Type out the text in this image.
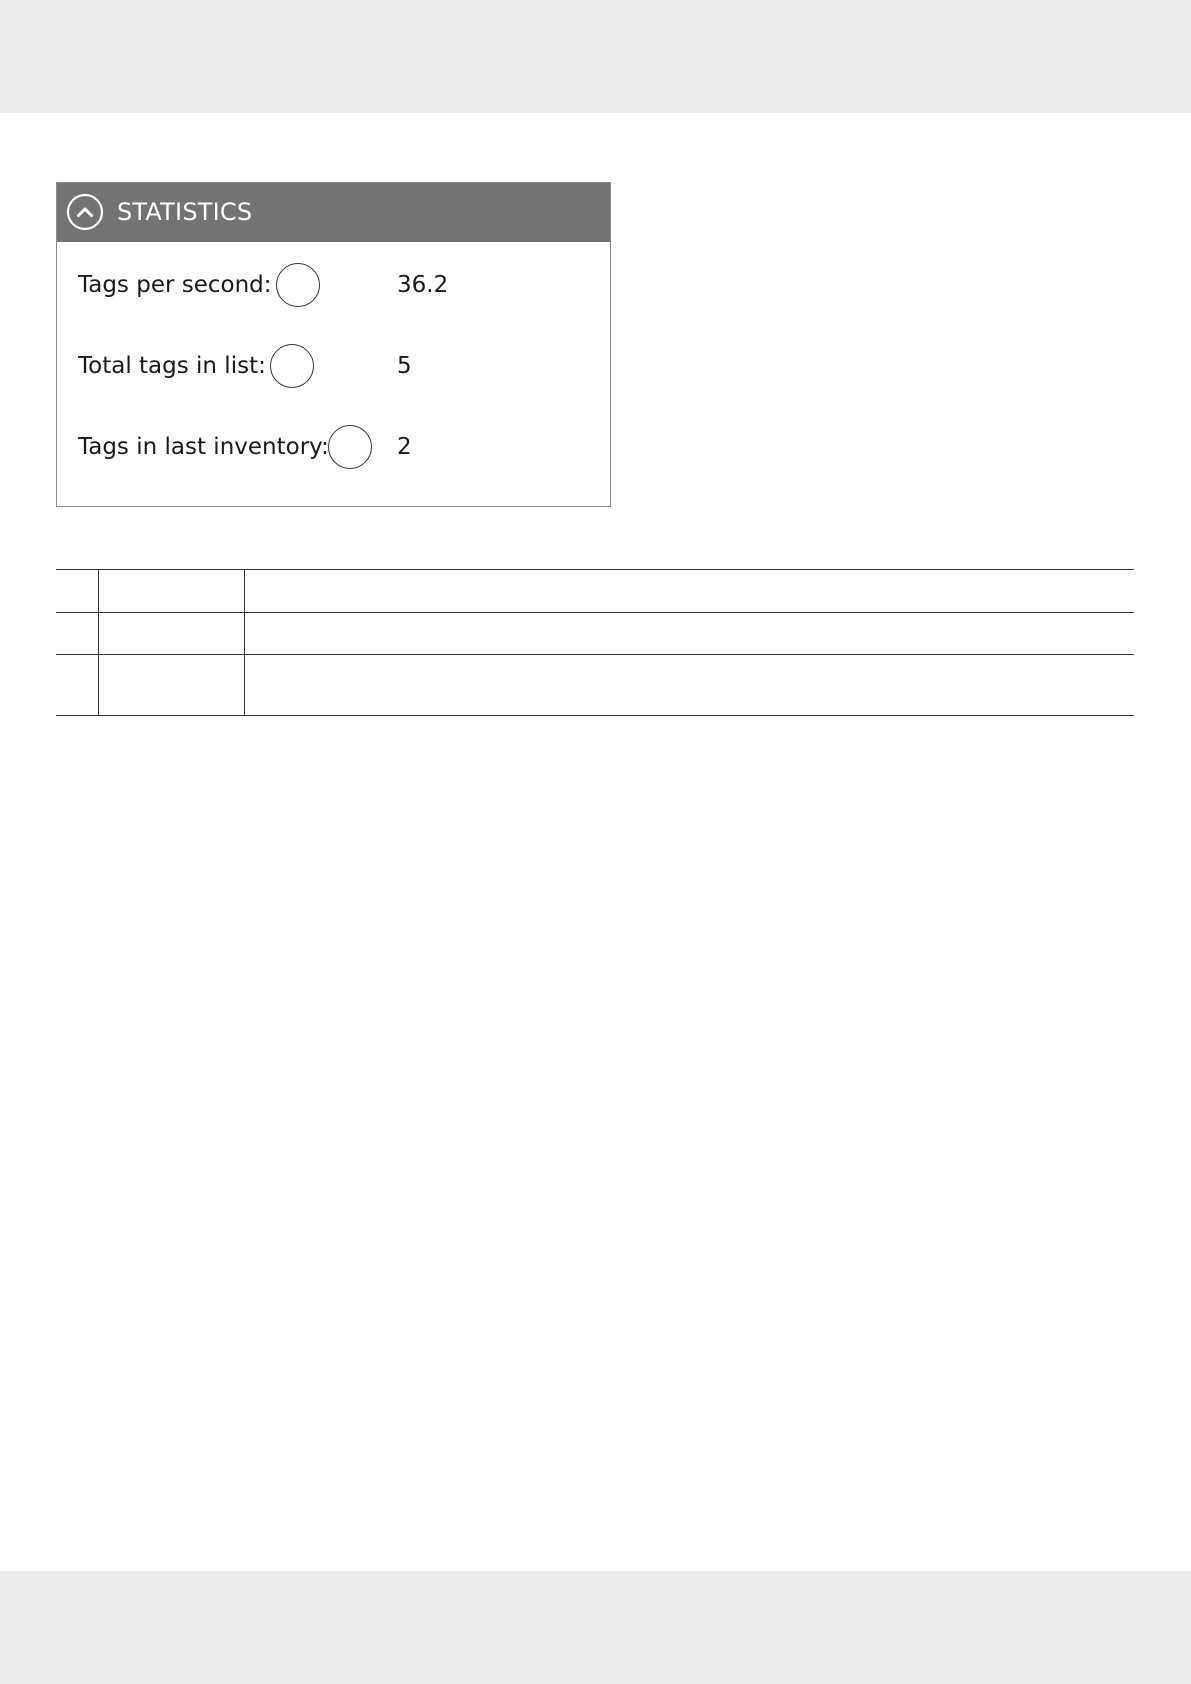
STATISTICS
Tags per second:	36.2
Total tags in list:	5
Tags in last inventory:	2
